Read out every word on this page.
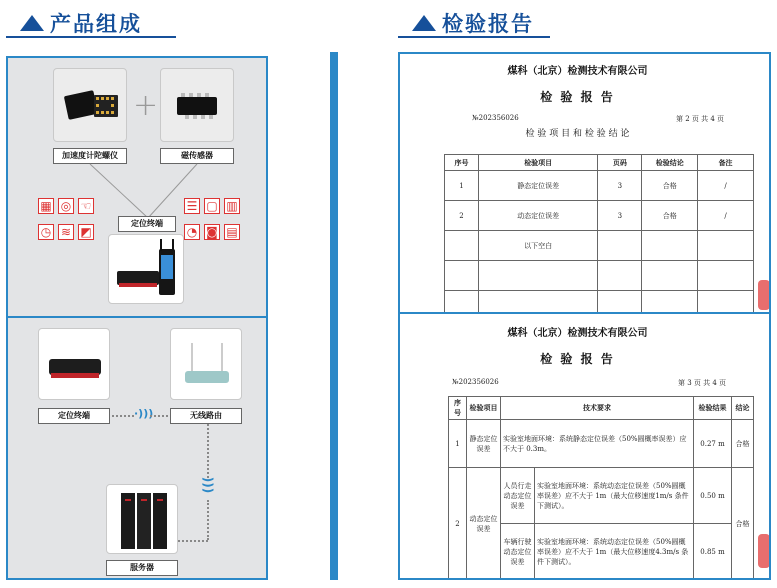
产品组成	检验报告
+
加速度计陀螺仪	磁传感器
▦ ◎ ☜
◷ ≋ ◩
☰ ▢ ▥
◔ ◙ ▤
定位终端
定位终端	无线路由
·)))
)))
服务器
煤科（北京）检测技术有限公司
检 验 报 告
№202356026	第 2 页 共 4 页
检 验 项 目 和 检 验 结 论
序号	检验项目	页码	检验结论	备注
1	静态定位误差	3	合格	/
2	动态定位误差	3	合格	/
	以下空白			

煤科（北京）检测技术有限公司
检 验 报 告
№202356026	第 3 页 共 4 页
序号	检验项目	技术要求		检验结果	结论
1	静态定位误差	实验室地面环境：系统静态定位误差（50%圆概率误差）应不大于 0.3m。		0.27 m	合格
2	动态定位误差	人员行走动态定位误差	实验室地面环境：系统动态定位误差（50%圆概率误差）应不大于 1m（最大位移速度1m/s 条件下测试）。	0.50 m	合格
		车辆行驶动态定位误差	实验室地面环境：系统动态定位误差（50%圆概率误差）应不大于 1m（最大位移速度4.3m/s 条件下测试）。	0.85 m	
